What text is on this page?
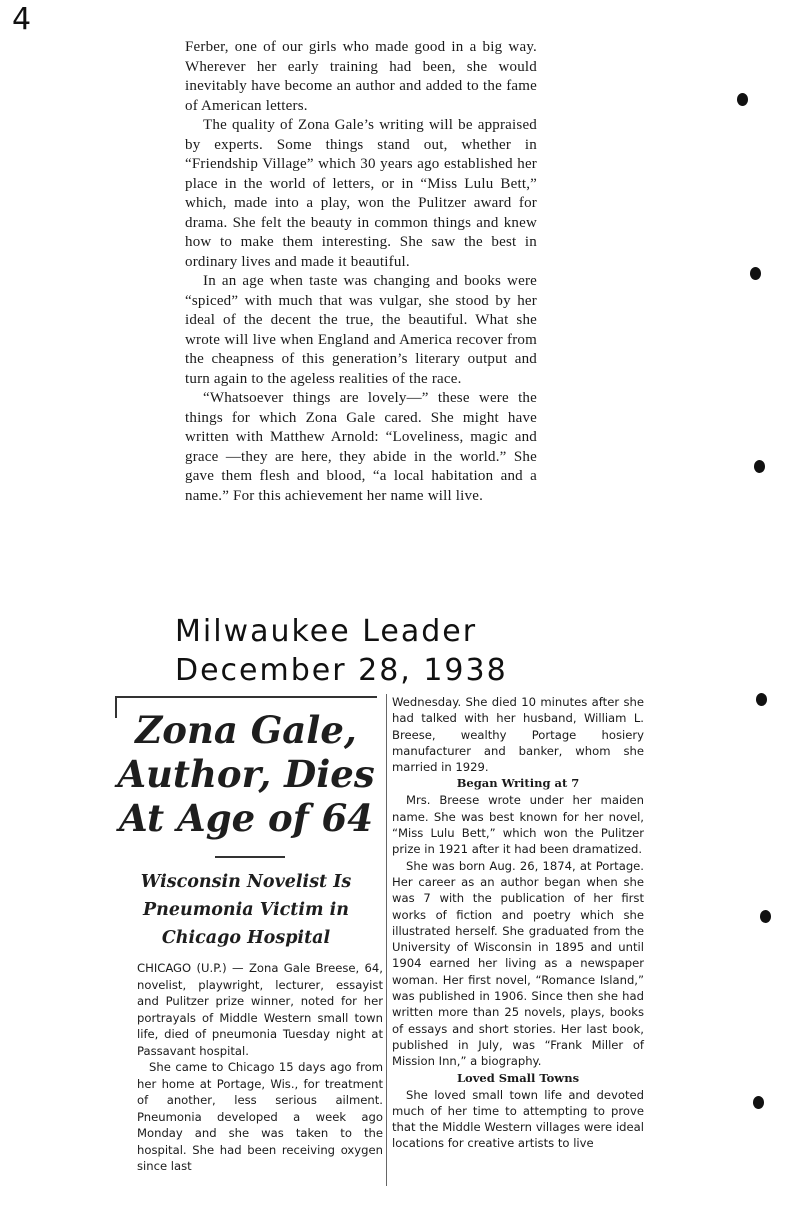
4

Ferber, one of our girls who made good in a big way. Wherever her early training had been, she would inevitably have become an author and added to the fame of American letters.

The quality of Zona Gale’s writing will be appraised by experts. Some things stand out, whether in “Friendship Village” which 30 years ago established her place in the world of letters, or in “Miss Lulu Bett,” which, made into a play, won the Pulitzer award for drama. She felt the beauty in common things and knew how to make them interesting. She saw the best in ordinary lives and made it beautiful.

In an age when taste was changing and books were “spiced” with much that was vulgar, she stood by her ideal of the decent the true, the beautiful. What she wrote will live when England and America recover from the cheapness of this generation’s literary output and turn again to the ageless realities of the race.

“Whatsoever things are lovely—” these were the things for which Zona Gale cared. She might have written with Matthew Arnold: “Loveliness, magic and grace —they are here, they abide in the world.” She gave them flesh and blood, “a local habitation and a name.” For this achievement her name will live.

Milwaukee Leader
December 28, 1938
Zona Gale, Author, Dies At Age of 64
Wisconsin Novelist Is Pneumonia Victim in Chicago Hospital

CHICAGO (U.P.) — Zona Gale Breese, 64, novelist, playwright, lecturer, essayist and Pulitzer prize winner, noted for her portrayals of Middle Western small town life, died of pneumonia Tuesday night at Passavant hospital.

She came to Chicago 15 days ago from her home at Portage, Wis., for treatment of another, less serious ailment. Pneumonia developed a week ago Monday and she was taken to the hospital. She had been receiving oxygen since last

Wednesday. She died 10 minutes after she had talked with her husband, William L. Breese, wealthy Portage hosiery manufacturer and banker, whom she married in 1929.

Began Writing at 7

Mrs. Breese wrote under her maiden name. She was best known for her novel, “Miss Lulu Bett,” which won the Pulitzer prize in 1921 after it had been dramatized.

She was born Aug. 26, 1874, at Portage. Her career as an author began when she was 7 with the publication of her first works of fiction and poetry which she illustrated herself. She graduated from the University of Wisconsin in 1895 and until 1904 earned her living as a newspaper woman. Her first novel, “Romance Island,” was published in 1906. Since then she had written more than 25 novels, plays, books of essays and short stories. Her last book, published in July, was “Frank Miller of Mission Inn,” a biography.

Loved Small Towns

She loved small town life and devoted much of her time to attempting to prove that the Middle Western villages were ideal locations for creative artists to live
